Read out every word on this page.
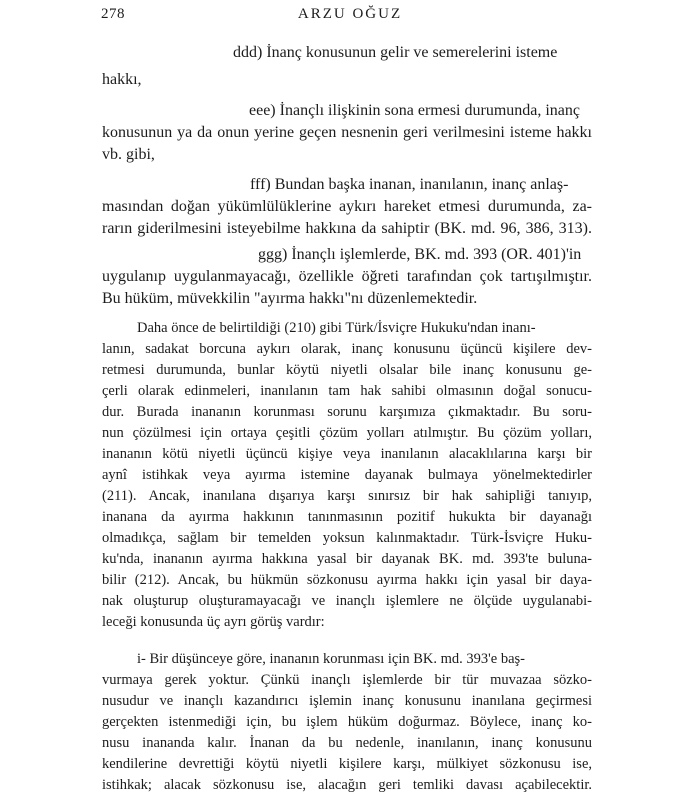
278	ARZU OĞUZ
ddd) İnanç konusunun gelir ve semerelerini isteme
hakkı,
eee) İnançlı ilişkinin sona ermesi durumunda, inanç
konusunun ya da onun yerine geçen nesnenin geri verilmesini isteme hakkı
vb. gibi,
fff) Bundan başka inanan, inanılanın, inanç anlaş-
masından doğan yükümlülüklerine aykırı hareket etmesi durumunda, za-
rarın giderilmesini isteyebilme hakkına da sahiptir (BK. md. 96, 386, 313).
ggg) İnançlı işlemlerde, BK. md. 393 (OR. 401)'in
uygulanıp uygulanmayacağı, özellikle öğreti tarafından çok tartışılmıştır.
Bu hüküm, müvekkilin "ayırma hakkı"nı düzenlemektedir.
Daha önce de belirtildiği (210) gibi Türk/İsviçre Hukuku'ndan inanı-
lanın, sadakat borcuna aykırı olarak, inanç konusunu üçüncü kişilere dev-
retmesi durumunda, bunlar köytü niyetli olsalar bile inanç konusunu ge-
çerli olarak edinmeleri, inanılanın tam hak sahibi olmasının doğal sonucu-
dur. Burada inananın korunması sorunu karşımıza çıkmaktadır. Bu soru-
nun çözülmesi için ortaya çeşitli çözüm yolları atılmıştır. Bu çözüm yolları,
inananın kötü niyetli üçüncü kişiye veya inanılanın alacaklılarına karşı bir
aynî istihkak veya ayırma istemine dayanak bulmaya yönelmektedirler
(211). Ancak, inanılana dışarıya karşı sınırsız bir hak sahipliği tanıyıp,
inanana da ayırma hakkının tanınmasının pozitif hukukta bir dayanağı
olmadıkça, sağlam bir temelden yoksun kalınmaktadır. Türk-İsviçre Huku-
ku'nda, inananın ayırma hakkına yasal bir dayanak BK. md. 393'te buluna-
bilir (212). Ancak, bu hükmün sözkonusu ayırma hakkı için yasal bir daya-
nak oluşturup oluşturamayacağı ve inançlı işlemlere ne ölçüde uygulanabi-
leceği konusunda üç ayrı görüş vardır:
i- Bir düşünceye göre, inananın korunması için BK. md. 393'e baş-
vurmaya gerek yoktur. Çünkü inançlı işlemlerde bir tür muvazaa sözko-
nusudur ve inançlı kazandırıcı işlemin inanç konusunu inanılana geçirmesi
gerçekten istenmediği için, bu işlem hüküm doğurmaz. Böylece, inanç ko-
nusu inananda kalır. İnanan da bu nedenle, inanılanın, inanç konusunu
kendilerine devrettiği köytü niyetli kişilere karşı, mülkiyet sözkonusu ise,
istihkak; alacak sözkonusu ise, alacağın geri temliki davası açabilecektir.
